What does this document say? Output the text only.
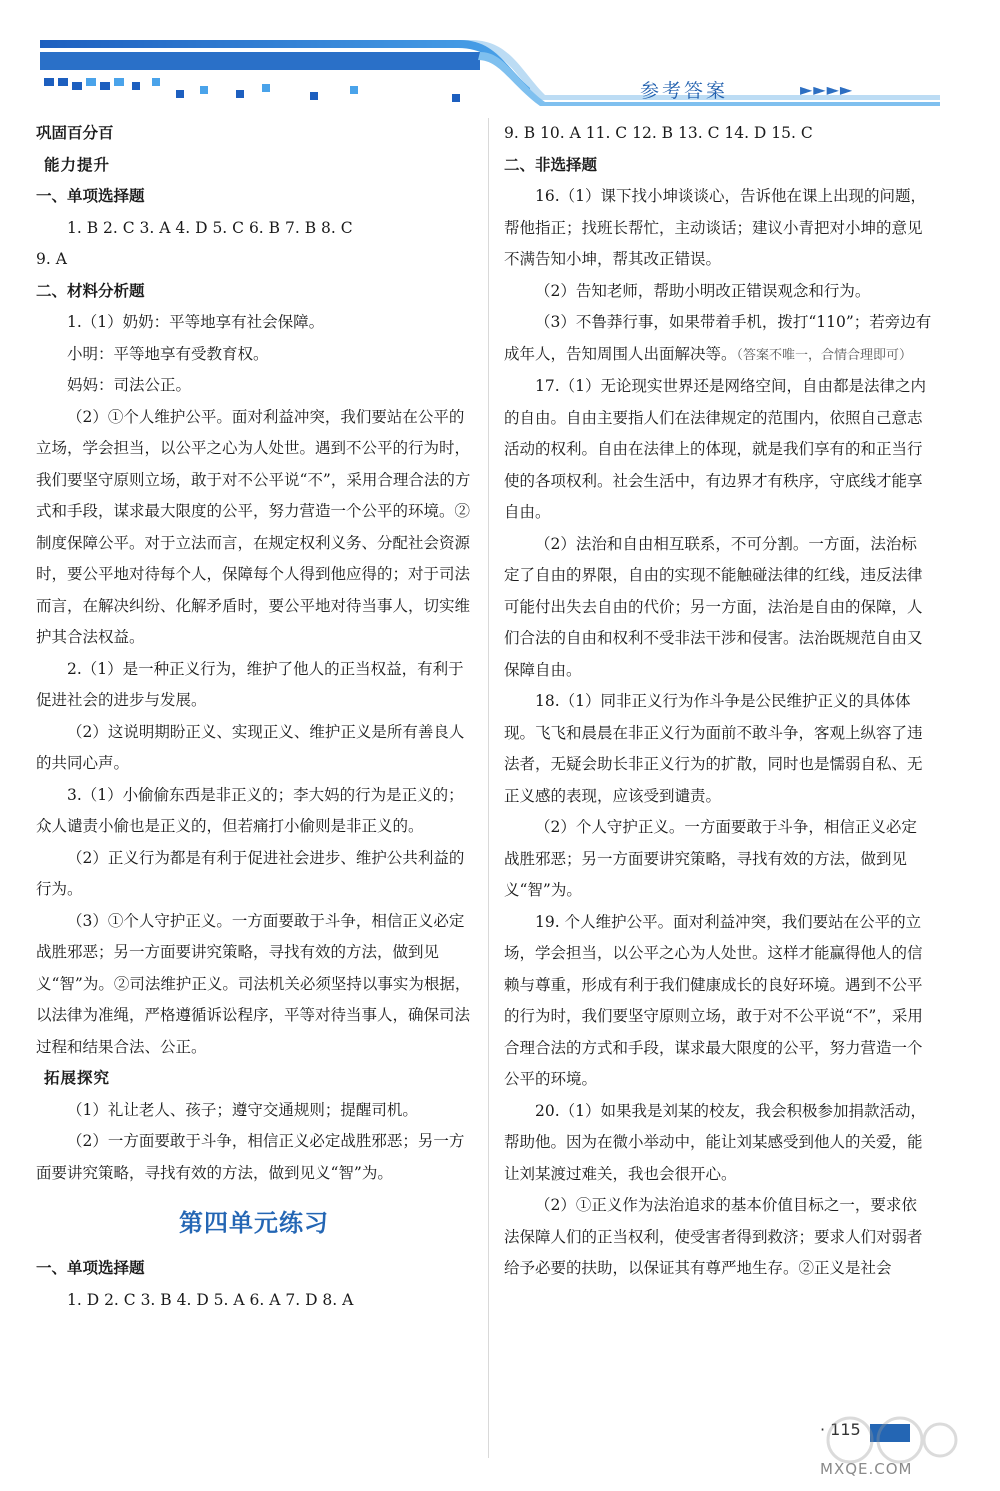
参考答案	►►►►

巩固百分百

能力提升

一、单项选择题

1. B 2. C 3. A 4. D 5. C 6. B 7. B 8. C

9. A

二、材料分析题

1.（1）奶奶：平等地享有社会保障。

小明：平等地享有受教育权。

妈妈：司法公正。

（2）①个人维护公平。面对利益冲突，我们要站在公平的立场，学会担当，以公平之心为人处世。遇到不公平的行为时，我们要坚守原则立场，敢于对不公平说“不”，采用合理合法的方式和手段，谋求最大限度的公平，努力营造一个公平的环境。②制度保障公平。对于立法而言，在规定权利义务、分配社会资源时，要公平地对待每个人，保障每个人得到他应得的；对于司法而言，在解决纠纷、化解矛盾时，要公平地对待当事人，切实维护其合法权益。

2.（1）是一种正义行为，维护了他人的正当权益，有利于促进社会的进步与发展。

（2）这说明期盼正义、实现正义、维护正义是所有善良人的共同心声。

3.（1）小偷偷东西是非正义的；李大妈的行为是正义的；众人谴责小偷也是正义的，但若痛打小偷则是非正义的。

（2）正义行为都是有利于促进社会进步、维护公共利益的行为。

（3）①个人守护正义。一方面要敢于斗争，相信正义必定战胜邪恶；另一方面要讲究策略，寻找有效的方法，做到见义“智”为。②司法维护正义。司法机关必须坚持以事实为根据，以法律为准绳，严格遵循诉讼程序，平等对待当事人，确保司法过程和结果合法、公正。

拓展探究

（1）礼让老人、孩子；遵守交通规则；提醒司机。

（2）一方面要敢于斗争，相信正义必定战胜邪恶；另一方面要讲究策略，寻找有效的方法，做到见义“智”为。

第四单元练习

一、单项选择题

1. D 2. C 3. B 4. D 5. A 6. A 7. D 8. A

9. B 10. A 11. C 12. B 13. C 14. D 15. C

二、非选择题

16.（1）课下找小坤谈谈心，告诉他在课上出现的问题，帮他指正；找班长帮忙，主动谈话；建议小青把对小坤的意见不满告知小坤，帮其改正错误。

（2）告知老师，帮助小明改正错误观念和行为。

（3）不鲁莽行事，如果带着手机，拨打“110”；若旁边有成年人，告知周围人出面解决等。（答案不唯一，合情合理即可）

17.（1）无论现实世界还是网络空间，自由都是法律之内的自由。自由主要指人们在法律规定的范围内，依照自己意志活动的权利。自由在法律上的体现，就是我们享有的和正当行使的各项权利。社会生活中，有边界才有秩序，守底线才能享自由。

（2）法治和自由相互联系，不可分割。一方面，法治标定了自由的界限，自由的实现不能触碰法律的红线，违反法律可能付出失去自由的代价；另一方面，法治是自由的保障，人们合法的自由和权利不受非法干涉和侵害。法治既规范自由又保障自由。

18.（1）同非正义行为作斗争是公民维护正义的具体体现。飞飞和晨晨在非正义行为面前不敢斗争，客观上纵容了违法者，无疑会助长非正义行为的扩散，同时也是懦弱自私、无正义感的表现，应该受到谴责。

（2）个人守护正义。一方面要敢于斗争，相信正义必定战胜邪恶；另一方面要讲究策略，寻找有效的方法，做到见义“智”为。

19. 个人维护公平。面对利益冲突，我们要站在公平的立场，学会担当，以公平之心为人处世。这样才能赢得他人的信赖与尊重，形成有利于我们健康成长的良好环境。遇到不公平的行为时，我们要坚守原则立场，敢于对不公平说“不”，采用合理合法的方式和手段，谋求最大限度的公平，努力营造一个公平的环境。

20.（1）如果我是刘某的校友，我会积极参加捐款活动，帮助他。因为在微小举动中，能让刘某感受到他人的关爱，能让刘某渡过难关，我也会很开心。

（2）①正义作为法治追求的基本价值目标之一，要求依法保障人们的正当权利，使受害者得到救济；要求人们对弱者给予必要的扶助，以保证其有尊严地生存。②正义是社会

· 115
MXQE.COM
